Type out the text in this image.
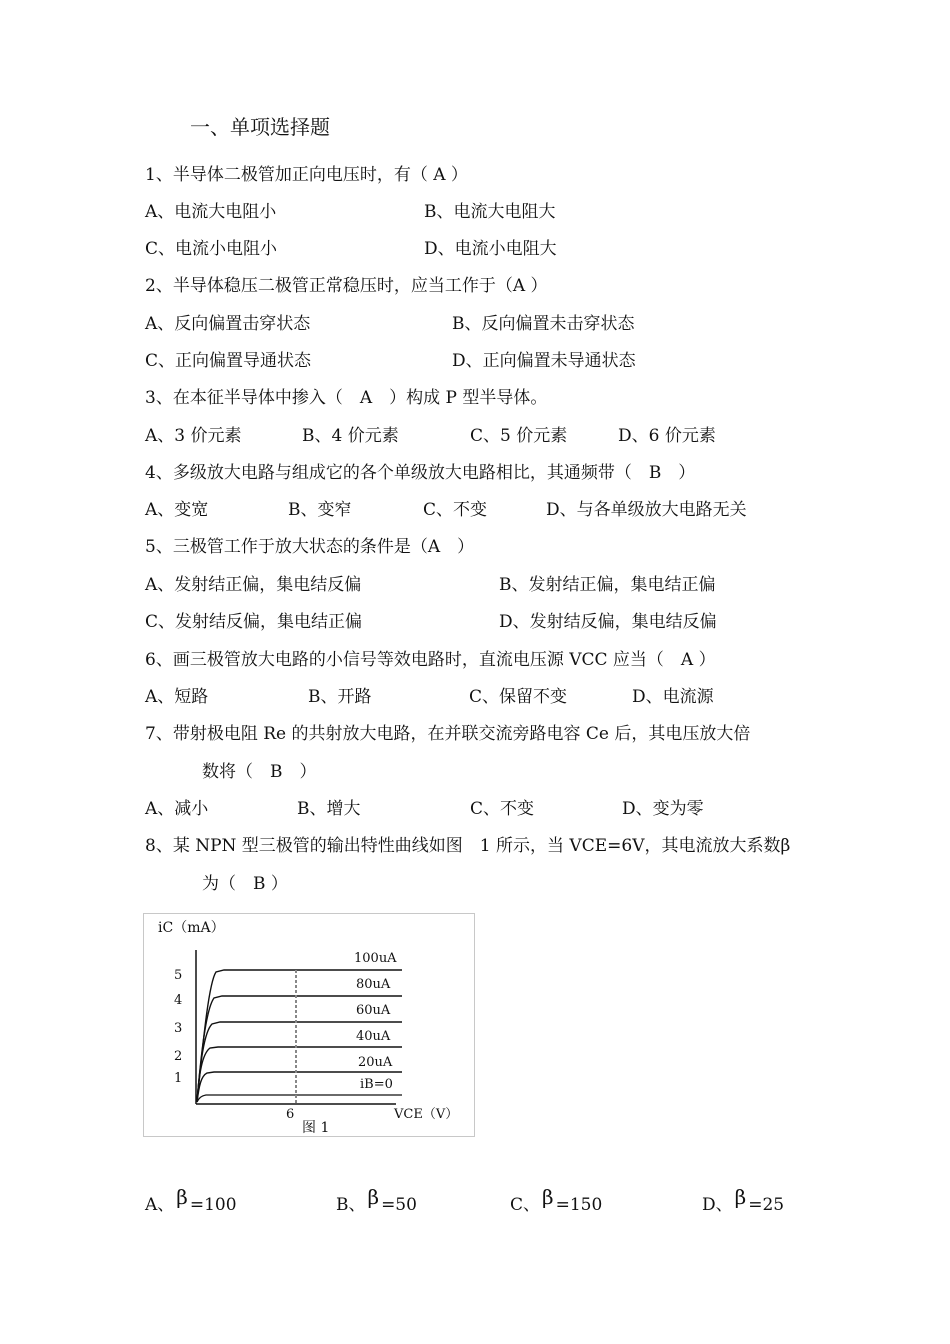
一、单项选择题
1、半导体二极管加正向电压时，有（ A ）
A、电流大电阻小	B、电流大电阻大
C、电流小电阻小	D、电流小电阻大
2、半导体稳压二极管正常稳压时，应当工作于（A ）
A、反向偏置击穿状态	B、反向偏置未击穿状态
C、正向偏置导通状态	D、正向偏置未导通状态
3、在本征半导体中掺入（　A　）构成 P 型半导体。
A、3 价元素	B、4 价元素	C、5 价元素	D、6 价元素
4、多级放大电路与组成它的各个单级放大电路相比，其通频带（　B　）
A、变宽	B、变窄	C、不变	D、与各单级放大电路无关
5、三极管工作于放大状态的条件是（A　）
A、发射结正偏，集电结反偏	B、发射结正偏，集电结正偏
C、发射结反偏，集电结正偏	D、发射结反偏，集电结反偏
6、画三极管放大电路的小信号等效电路时，直流电压源 VCC 应当（　A ）
A、短路	B、开路	C、保留不变	D、电流源
7、带射极电阻 Re 的共射放大电路，在并联交流旁路电容 Ce 后，其电压放大倍
数将（　B　）
A、减小	B、增大	C、不变	D、变为零
8、某 NPN 型三极管的输出特性曲线如图　1 所示，当 VCE=6V，其电流放大系数β
为（　B ）
iC（mA）
5
4
3
2
1
100uA
80uA
60uA
40uA
20uA
iB=0
6	VCE（V）
图 1
A、 β =100	B、 β =50	C、 β =150	D、 β =25
